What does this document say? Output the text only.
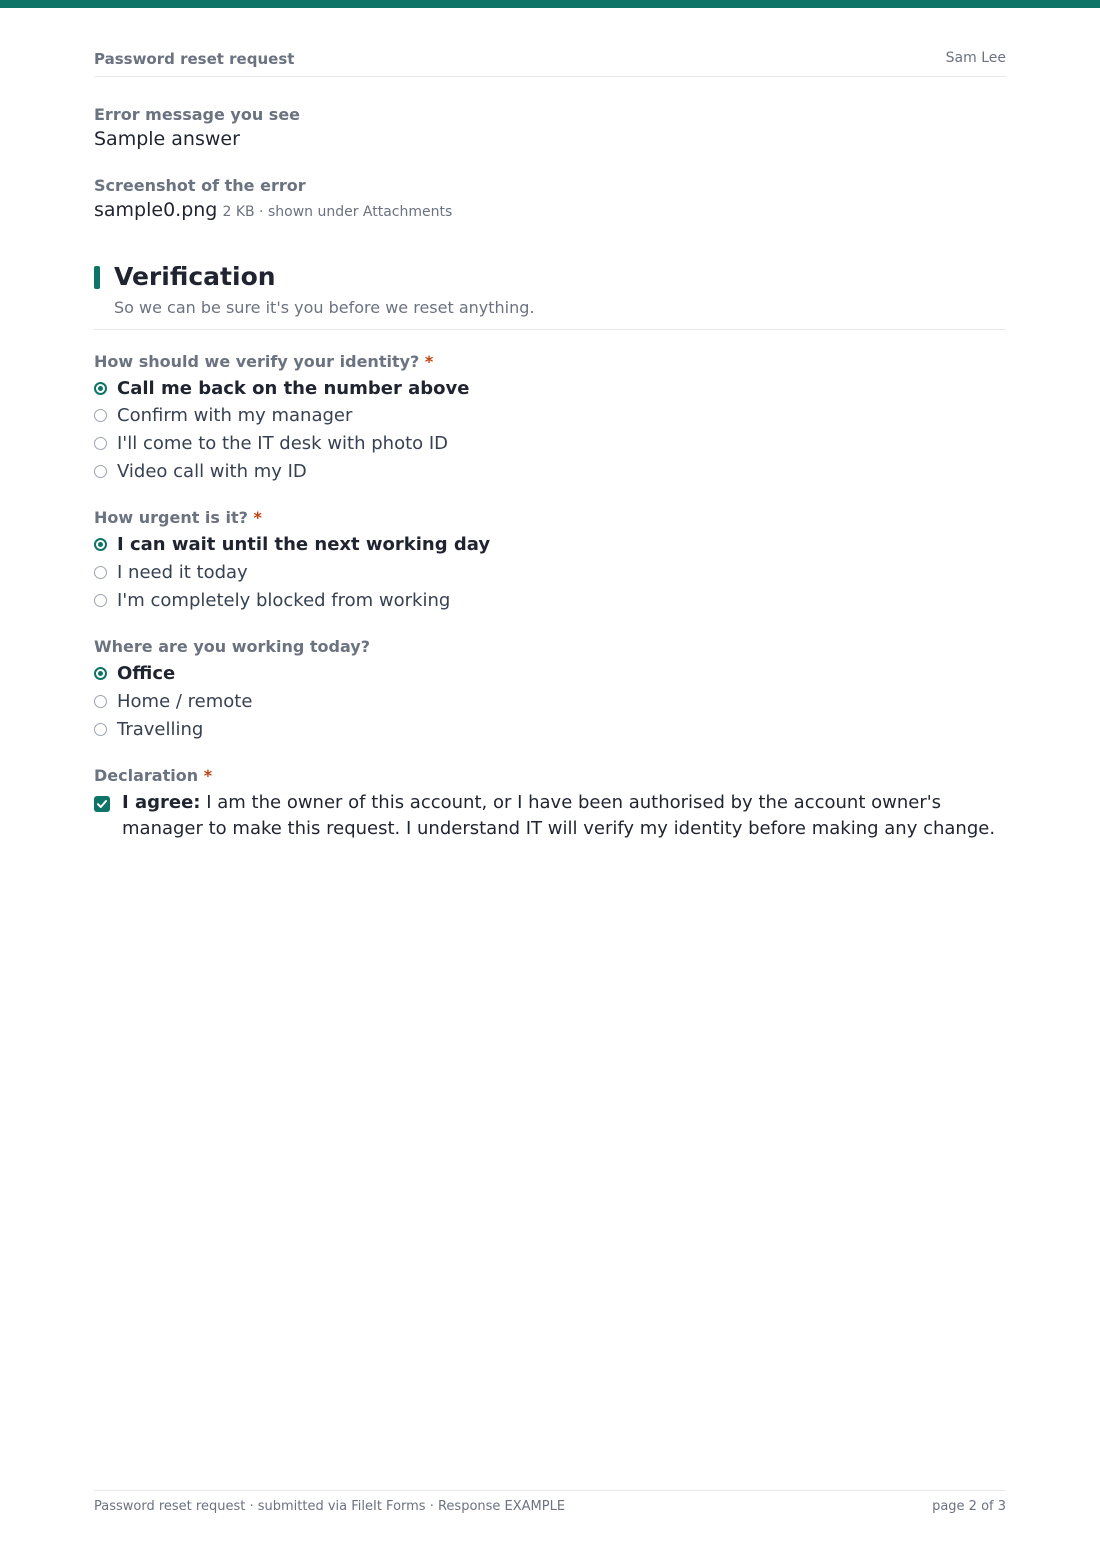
Password reset request	Sam Lee
Error message you see
Sample answer
Screenshot of the error
sample0.png 2 KB · shown under Attachments
Verification
So we can be sure it's you before we reset anything.
How should we verify your identity? *
Call me back on the number above
Confirm with my manager
I'll come to the IT desk with photo ID
Video call with my ID
How urgent is it? *
I can wait until the next working day
I need it today
I'm completely blocked from working
Where are you working today?
Office
Home / remote
Travelling
Declaration *
I agree: I am the owner of this account, or I have been authorised by the account owner's manager to make this request. I understand IT will verify my identity before making any change.
Password reset request · submitted via FileIt Forms · Response EXAMPLE	page 2 of 3
